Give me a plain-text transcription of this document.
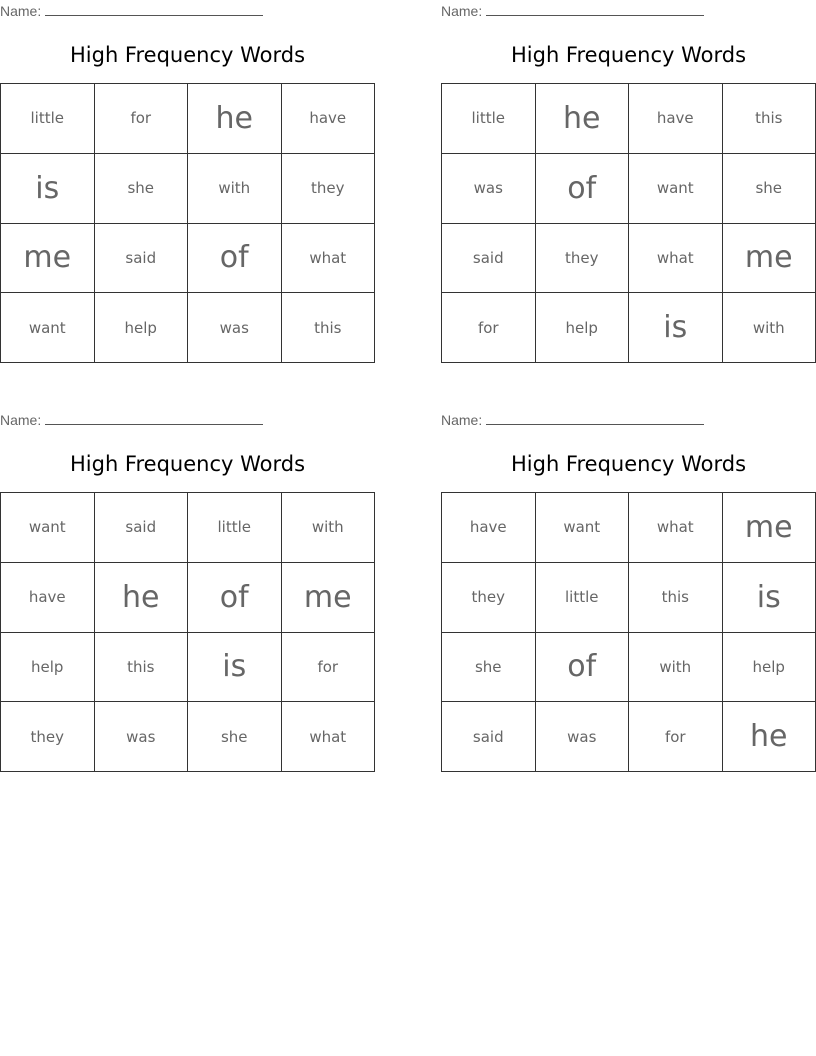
Name:
High Frequency Words
little	for	he	have
is	she	with	they
me	said	of	what
want	help	was	this
Name:
High Frequency Words
little	he	have	this
was	of	want	she
said	they	what	me
for	help	is	with
Name:
High Frequency Words
want	said	little	with
have	he	of	me
help	this	is	for
they	was	she	what
Name:
High Frequency Words
have	want	what	me
they	little	this	is
she	of	with	help
said	was	for	he
